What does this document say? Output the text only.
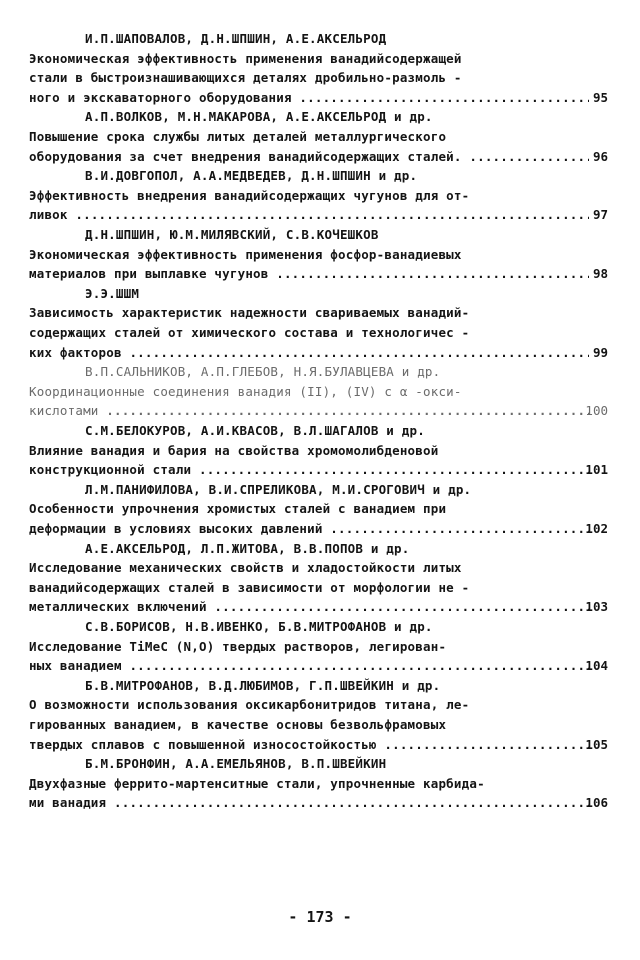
И.П.ШАПОВАЛОВ, Д.Н.ШПШИН, А.Е.АКСЕЛЬРОД
Экономическая эффективность применения ванадийсодержащей
стали в быстроизнашивающихся деталях дробильно-размоль -
ного и экскаваторного оборудования .....	95
А.П.ВОЛКОВ, М.Н.МАКАРОВА, А.Е.АКСЕЛЬРОД и др.
Повышение срока службы литых деталей металлургического
оборудования за счет внедрения ванадийсодержащих сталей. .....	96
В.И.ДОВГОПОЛ, А.А.МЕДВЕДЕВ, Д.Н.ШПШИН и др.
Эффективность внедрения ванадийсодержащих чугунов для от-
ливок .....	97
Д.Н.ШПШИН, Ю.М.МИЛЯВСКИЙ, С.В.КОЧЕШКОВ
Экономическая эффективность применения фосфор-ванадиевых
материалов при выплавке чугунов .....	98
Э.Э.ШШМ
Зависимость характеристик надежности свариваемых ванадий-
содержащих сталей от химического состава и технологичес -
ких факторов .....	99
В.П.САЛЬНИКОВ, А.П.ГЛЕБОВ, Н.Я.БУЛАВЦЕВА и др.
Координационные соединения ванадия (II), (IV) с α -окси-
кислотами .....	100
С.М.БЕЛОКУРОВ, А.И.КВАСОВ, В.Л.ШАГАЛОВ и др.
Влияние ванадия и бария на свойства хромомолибденовой
конструкционной стали .....	101
Л.М.ПАНИФИЛОВА, В.И.СПРЕЛИКОВА, М.И.СРОГОВИЧ и др.
Особенности упрочнения хромистых сталей с ванадием при
деформации в условиях высоких давлений .....	102
А.Е.АКСЕЛЬРОД, Л.П.ЖИТОВА, В.В.ПОПОВ и др.
Исследование механических свойств и хладостойкости литых
ванадийсодержащих сталей в зависимости от морфологии не -
металлических включений .....	103
С.В.БОРИСОВ, Н.В.ИВЕНКО, Б.В.МИТРОФАНОВ и др.
Исследование TiMeC (N,O) твердых растворов, легирован-
ных ванадием .....	104
Б.В.МИТРОФАНОВ, В.Д.ЛЮБИМОВ, Г.П.ШВЕЙКИН и др.
О возможности использования оксикарбонитридов титана, ле-
гированных ванадием, в качестве основы безвольфрамовых
твердых сплавов с повышенной износостойкостью .....	105
Б.М.БРОНФИН, А.А.ЕМЕЛЬЯНОВ, В.П.ШВЕЙКИН
Двухфазные феррито-мартенситные стали, упрочненные карбида-
ми ванадия .....	106
- 173 -
